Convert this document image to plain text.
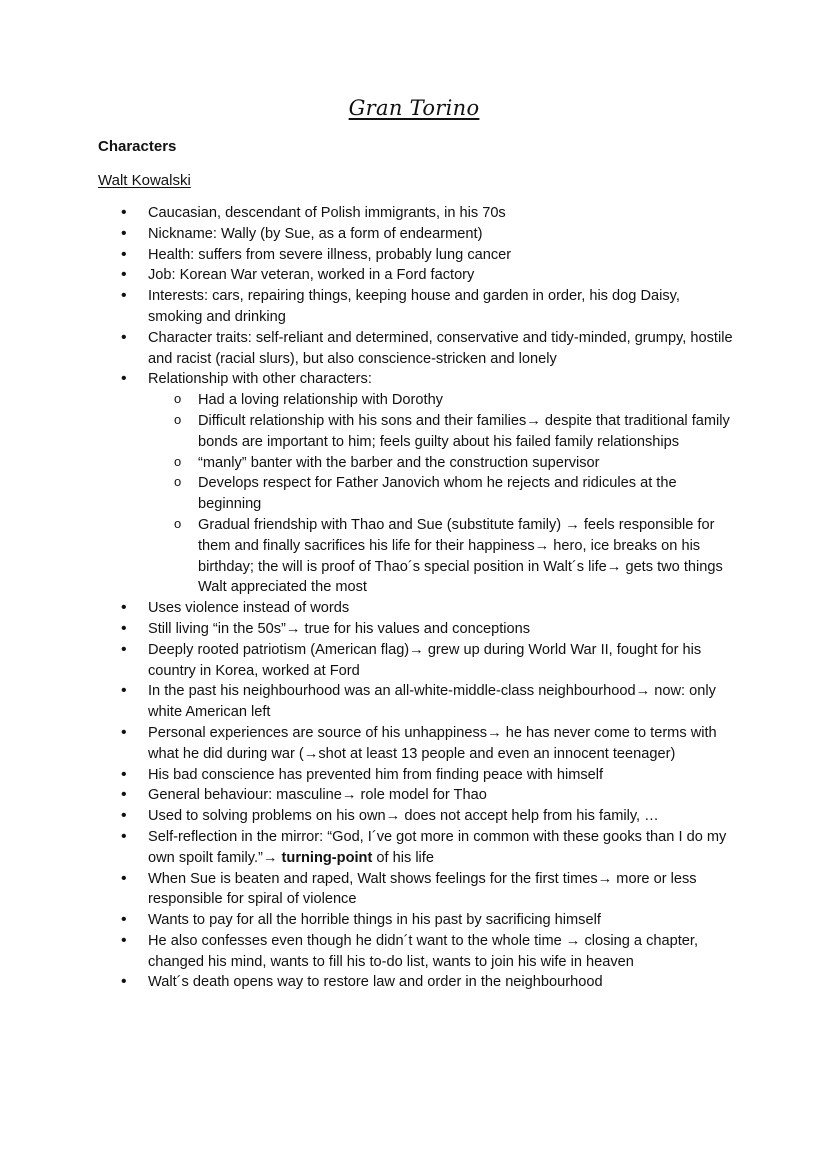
Gran Torino
Characters
Walt Kowalski
• Caucasian, descendant of Polish immigrants, in his 70s
• Nickname: Wally (by Sue, as a form of endearment)
• Health: suffers from severe illness, probably lung cancer
• Job: Korean War veteran, worked in a Ford factory
• Interests: cars, repairing things, keeping house and garden in order, his dog Daisy, smoking and drinking
• Character traits: self-reliant and determined, conservative and tidy-minded, grumpy, hostile and racist (racial slurs), but also conscience-stricken and lonely
• Relationship with other characters:
o Had a loving relationship with Dorothy
o Difficult relationship with his sons and their families→ despite that traditional family bonds are important to him; feels guilty about his failed family relationships
o “manly” banter with the barber and the construction supervisor
o Develops respect for Father Janovich whom he rejects and ridicules at the beginning
o Gradual friendship with Thao and Sue (substitute family) → feels responsible for them and finally sacrifices his life for their happiness→ hero, ice breaks on his birthday; the will is proof of Thao´s special position in Walt´s life→ gets two things Walt appreciated the most
• Uses violence instead of words
• Still living “in the 50s”→ true for his values and conceptions
• Deeply rooted patriotism (American flag)→ grew up during World War II, fought for his country in Korea, worked at Ford
• In the past his neighbourhood was an all-white-middle-class neighbourhood→ now: only white American left
• Personal experiences are source of his unhappiness→ he has never come to terms with what he did during war (→shot at least 13 people and even an innocent teenager)
• His bad conscience has prevented him from finding peace with himself
• General behaviour: masculine→ role model for Thao
• Used to solving problems on his own→ does not accept help from his family, …
• Self-reflection in the mirror: “God, I´ve got more in common with these gooks than I do my own spoilt family.”→ turning-point of his life
• When Sue is beaten and raped, Walt shows feelings for the first times→ more or less responsible for spiral of violence
• Wants to pay for all the horrible things in his past by sacrificing himself
• He also confesses even though he didn´t want to the whole time → closing a chapter, changed his mind, wants to fill his to-do list, wants to join his wife in heaven
• Walt´s death opens way to restore law and order in the neighbourhood
